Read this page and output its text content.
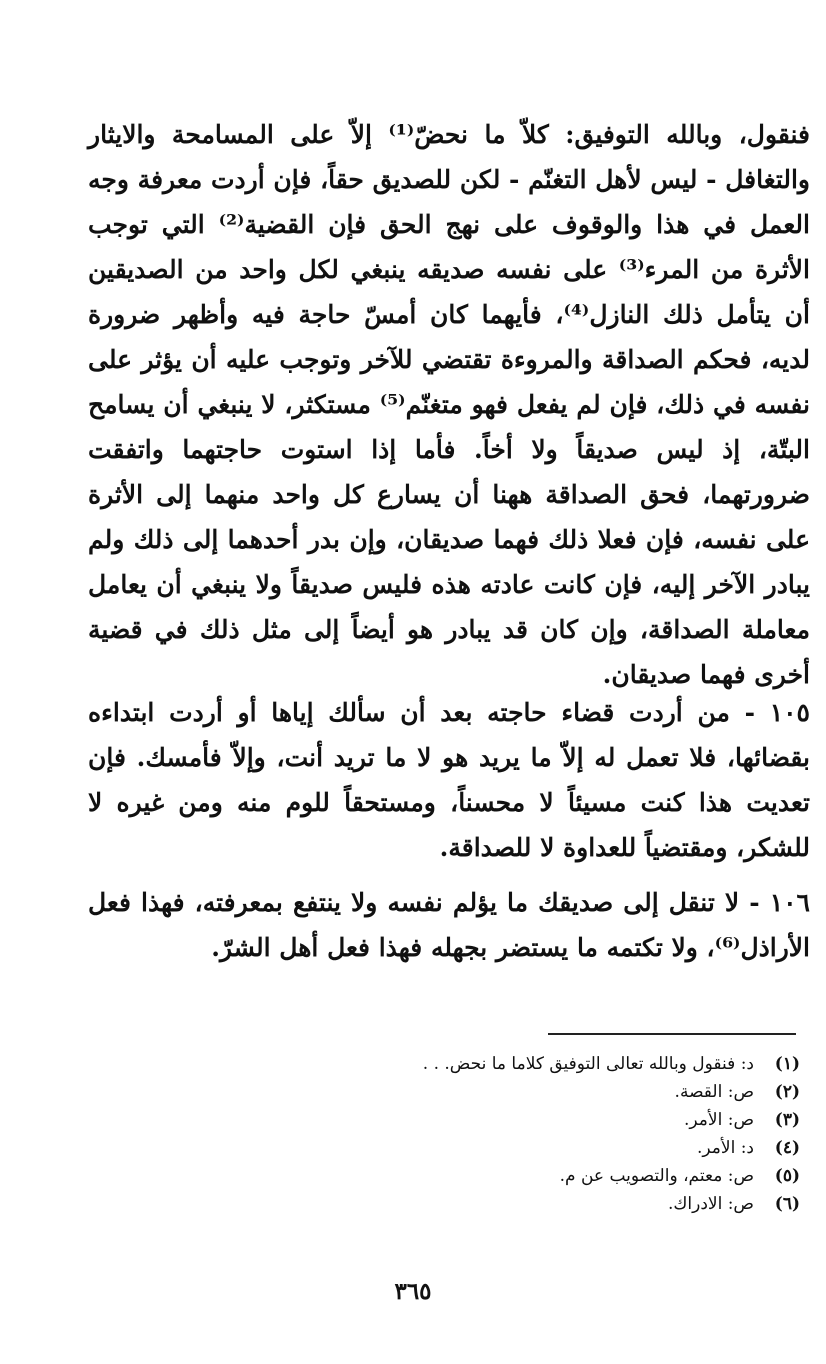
فنقول، وبالله التوفيق: كلاّ ما نحضّ⁽¹⁾ إلاّ على المسامحة والايثار والتغافل - ليس لأهل التغنّم - لكن للصديق حقاً، فإن أردت معرفة وجه العمل في هذا والوقوف على نهج الحق فإن القضية⁽²⁾ التي توجب الأثرة من المرء⁽³⁾ على نفسه صديقه ينبغي لكل واحد من الصديقين أن يتأمل ذلك النازل⁽⁴⁾، فأيهما كان أمسّ حاجة فيه وأظهر ضرورة لديه، فحكم الصداقة والمروءة تقتضي للآخر وتوجب عليه أن يؤثر على نفسه في ذلك، فإن لم يفعل فهو متغنّم⁽⁵⁾ مستكثر، لا ينبغي أن يسامح البتّة، إذ ليس صديقاً ولا أخاً. فأما إذا استوت حاجتهما واتفقت ضرورتهما، فحق الصداقة ههنا أن يسارع كل واحد منهما إلى الأثرة على نفسه، فإن فعلا ذلك فهما صديقان، وإن بدر أحدهما إلى ذلك ولم يبادر الآخر إليه، فإن كانت عادته هذه فليس صديقاً ولا ينبغي أن يعامل معاملة الصداقة، وإن كان قد يبادر هو أيضاً إلى مثل ذلك في قضية أخرى فهما صديقان.

١٠٥ - من أردت قضاء حاجته بعد أن سألك إياها أو أردت ابتداءه بقضائها، فلا تعمل له إلاّ ما يريد هو لا ما تريد أنت، وإلاّ فأمسك. فإن تعديت هذا كنت مسيئاً لا محسناً، ومستحقاً للوم منه ومن غيره لا للشكر، ومقتضياً للعداوة لا للصداقة.

١٠٦ - لا تنقل إلى صديقك ما يؤلم نفسه ولا ينتفع بمعرفته، فهذا فعل الأراذل⁽⁶⁾، ولا تكتمه ما يستضر بجهله فهذا فعل أهل الشرّ.

(١)
د: فنقول وبالله تعالى التوفيق كلاما ما نحض. . .
(٢)
ص: القصة.
(٣)
ص: الأمر.
(٤)
د: الأمر.
(٥)
ص: معتم، والتصويب عن م.
(٦)
ص: الادراك.
٣٦٥
